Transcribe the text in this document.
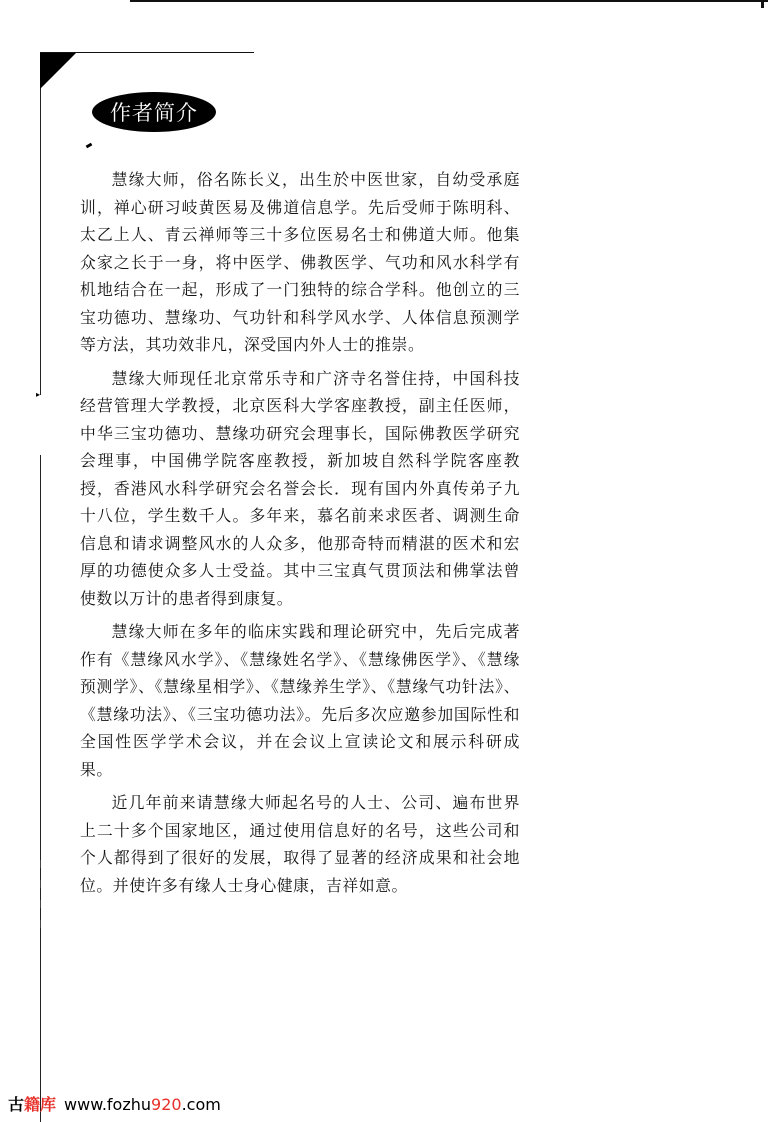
作者简介
▸

慧缘大师，俗名陈长义，出生於中医世家，自幼受承庭训，禅心研习岐黄医易及佛道信息学。先后受师于陈明科、太乙上人、青云禅师等三十多位医易名士和佛道大师。他集众家之长于一身，将中医学、佛教医学、气功和风水科学有机地结合在一起，形成了一门独特的综合学科。他创立的三宝功德功、慧缘功、气功针和科学风水学、人体信息预测学等方法，其功效非凡，深受国内外人士的推崇。

慧缘大师现任北京常乐寺和广济寺名誉住持，中国科技经营管理大学教授，北京医科大学客座教授，副主任医师，中华三宝功德功、慧缘功研究会理事长，国际佛教医学研究会理事，中国佛学院客座教授，新加坡自然科学院客座教授，香港风水科学研究会名誉会长．现有国内外真传弟子九十八位，学生数千人。多年来，慕名前来求医者、调测生命信息和请求调整风水的人众多，他那奇特而精湛的医术和宏厚的功德使众多人士受益。其中三宝真气贯顶法和佛掌法曾使数以万计的患者得到康复。

慧缘大师在多年的临床实践和理论研究中，先后完成著作有《慧缘风水学》、《慧缘姓名学》、《慧缘佛医学》、《慧缘预测学》、《慧缘星相学》、《慧缘养生学》、《慧缘气功针法》、《慧缘功法》、《三宝功德功法》。先后多次应邀参加国际性和全国性医学学术会议，并在会议上宣读论文和展示科研成果。

近几年前来请慧缘大师起名号的人士、公司、遍布世界上二十多个国家地区，通过使用信息好的名号，这些公司和个人都得到了很好的发展，取得了显著的经济成果和社会地位。并使许多有缘人士身心健康，吉祥如意。

古籍库 www.fozhu920.com
